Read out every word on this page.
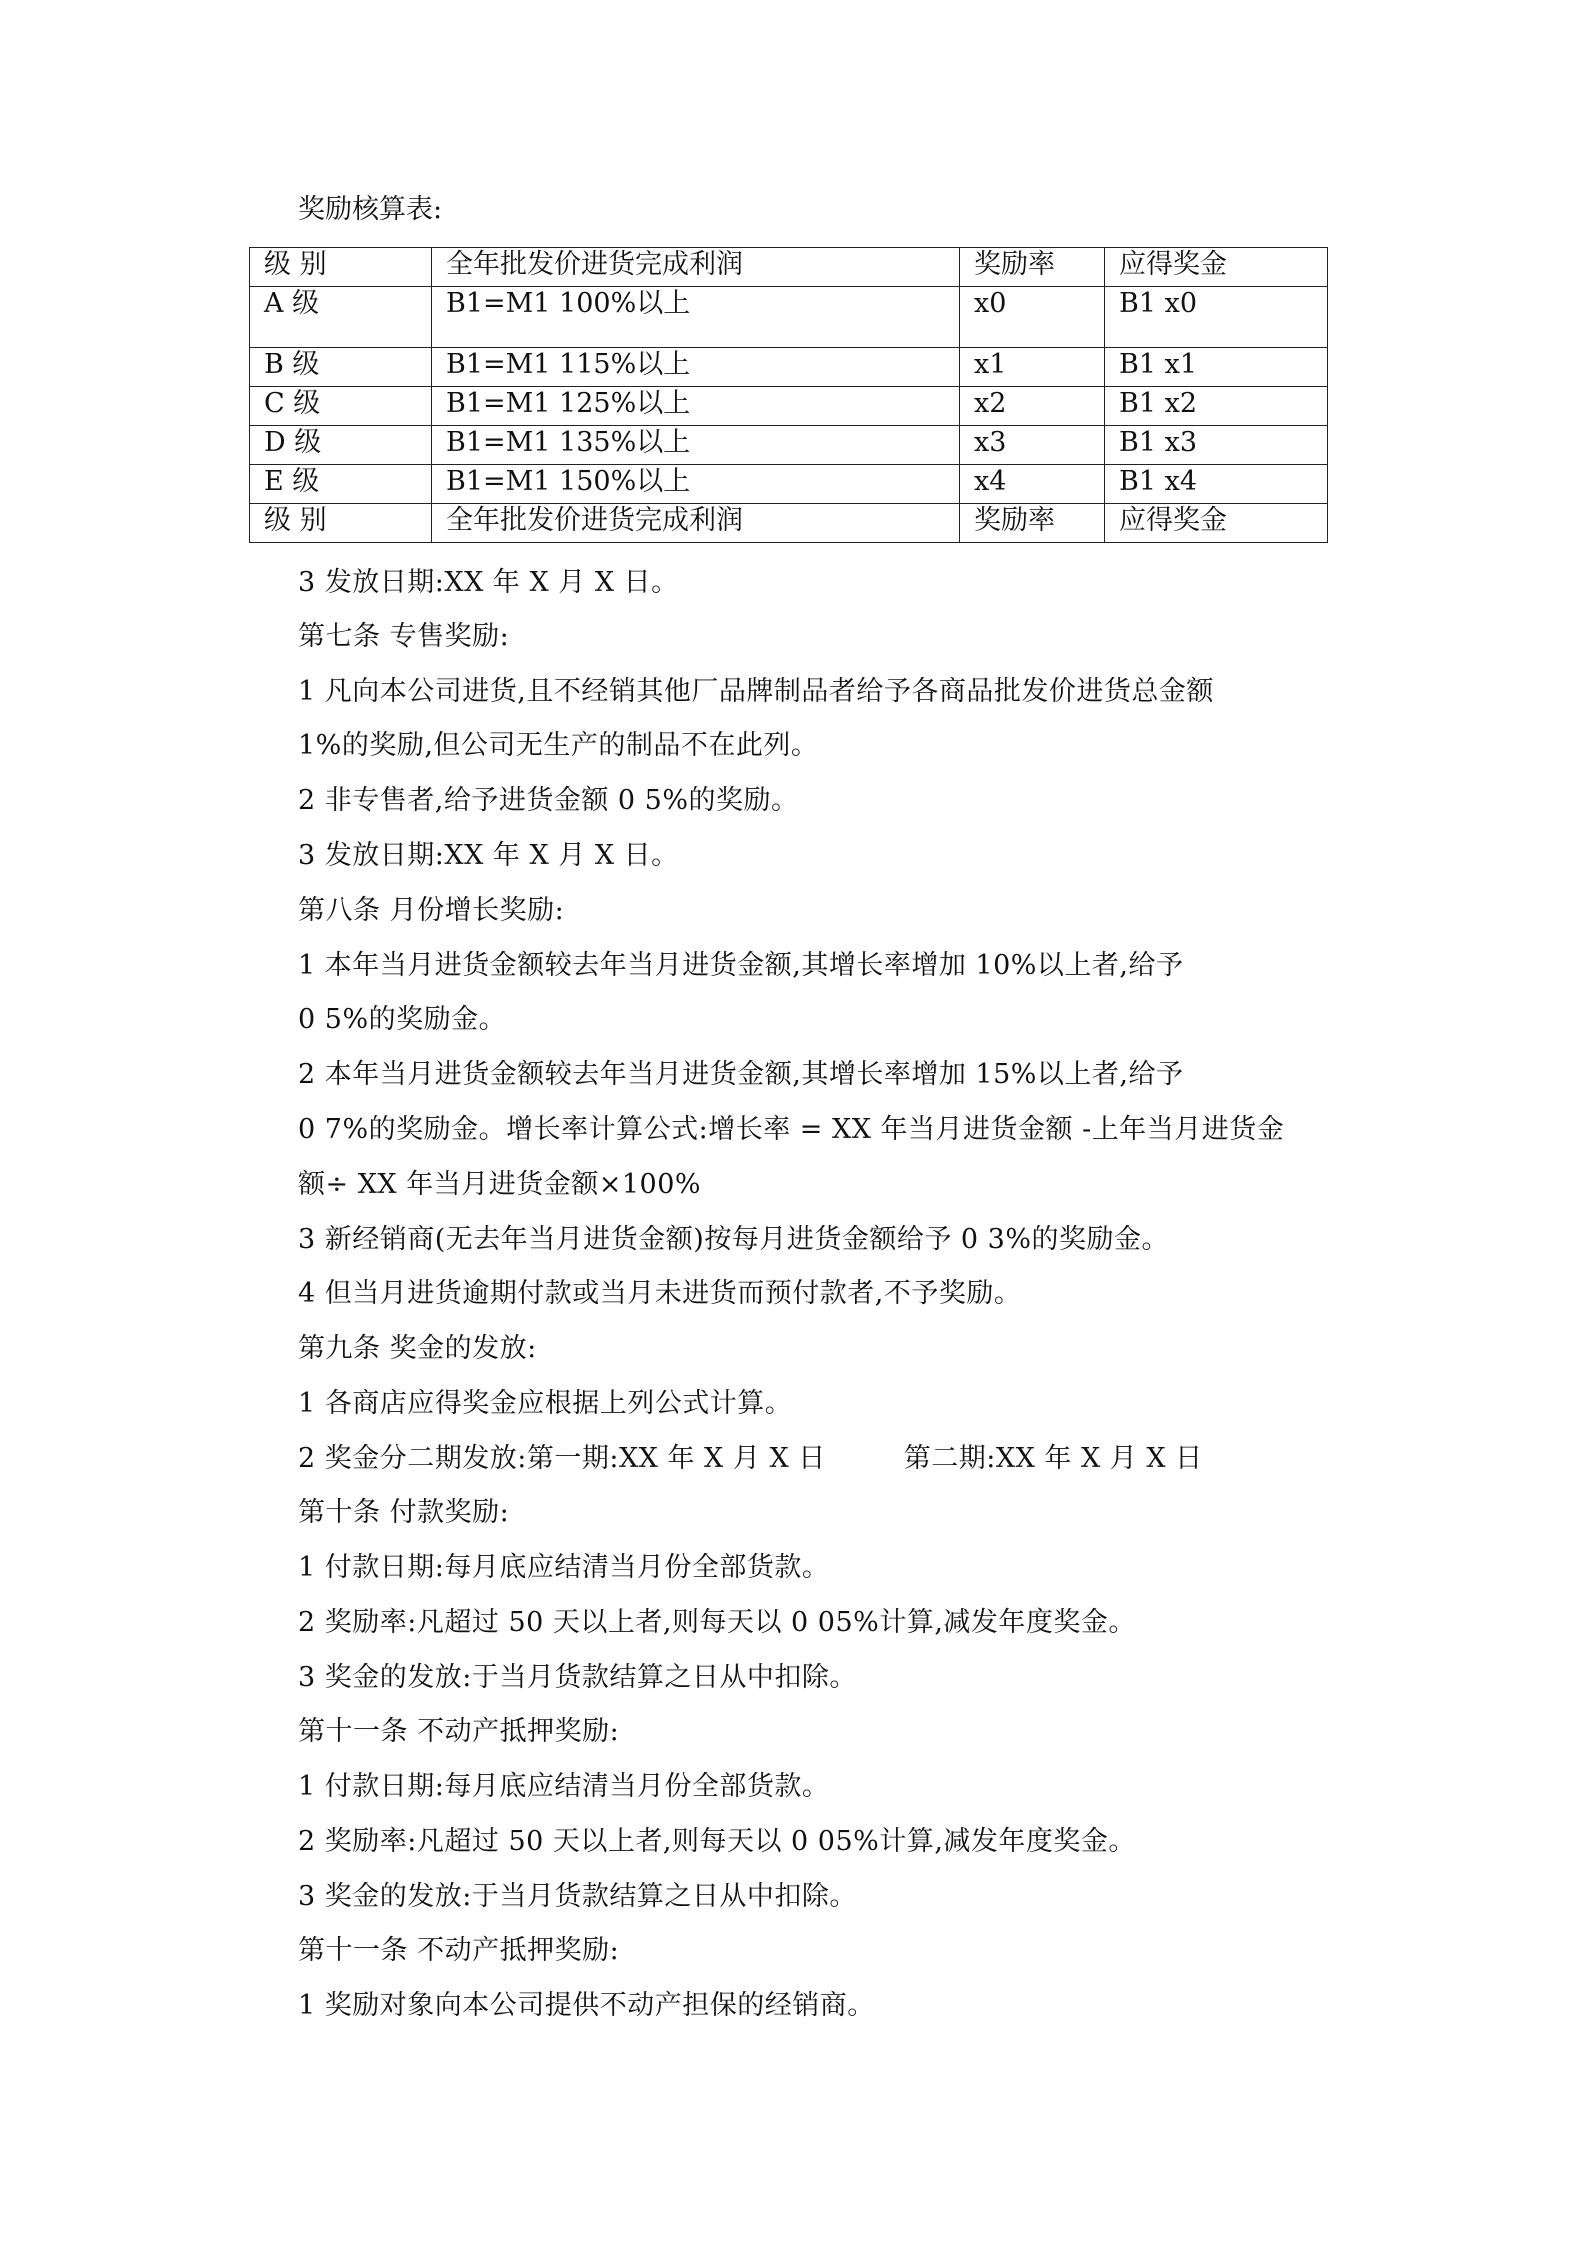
奖励核算表:
级 别	全年批发价进货完成利润	奖励率	应得奖金
A 级	B1=M1 100%以上	x0	B1 x0
B 级	B1=M1 115%以上	x1	B1 x1
C 级	B1=M1 125%以上	x2	B1 x2
D 级	B1=M1 135%以上	x3	B1 x3
E 级	B1=M1 150%以上	x4	B1 x4
级 别	全年批发价进货完成利润	奖励率	应得奖金
3 发放日期:XX 年 X 月 X 日。
第七条 专售奖励:
1 凡向本公司进货,且不经销其他厂品牌制品者给予各商品批发价进货总金额
1%的奖励,但公司无生产的制品不在此列。
2 非专售者,给予进货金额 0 5%的奖励。
3 发放日期:XX 年 X 月 X 日。
第八条 月份增长奖励:
1 本年当月进货金额较去年当月进货金额,其增长率增加 10%以上者,给予
0 5%的奖励金。
2 本年当月进货金额较去年当月进货金额,其增长率增加 15%以上者,给予
0 7%的奖励金。增长率计算公式:增长率 = XX 年当月进货金额 -上年当月进货金
额÷ XX 年当月进货金额×100%
3 新经销商(无去年当月进货金额)按每月进货金额给予 0 3%的奖励金。
4 但当月进货逾期付款或当月未进货而预付款者,不予奖励。
第九条 奖金的发放:
1 各商店应得奖金应根据上列公式计算。
2 奖金分二期发放:第一期:XX 年 X 月 X 日	第二期:XX 年 X 月 X 日
第十条 付款奖励:
1 付款日期:每月底应结清当月份全部货款。
2 奖励率:凡超过 50 天以上者,则每天以 0 05%计算,减发年度奖金。
3 奖金的发放:于当月货款结算之日从中扣除。
第十一条 不动产抵押奖励:
1 付款日期:每月底应结清当月份全部货款。
2 奖励率:凡超过 50 天以上者,则每天以 0 05%计算,减发年度奖金。
3 奖金的发放:于当月货款结算之日从中扣除。
第十一条 不动产抵押奖励:
1 奖励对象向本公司提供不动产担保的经销商。
